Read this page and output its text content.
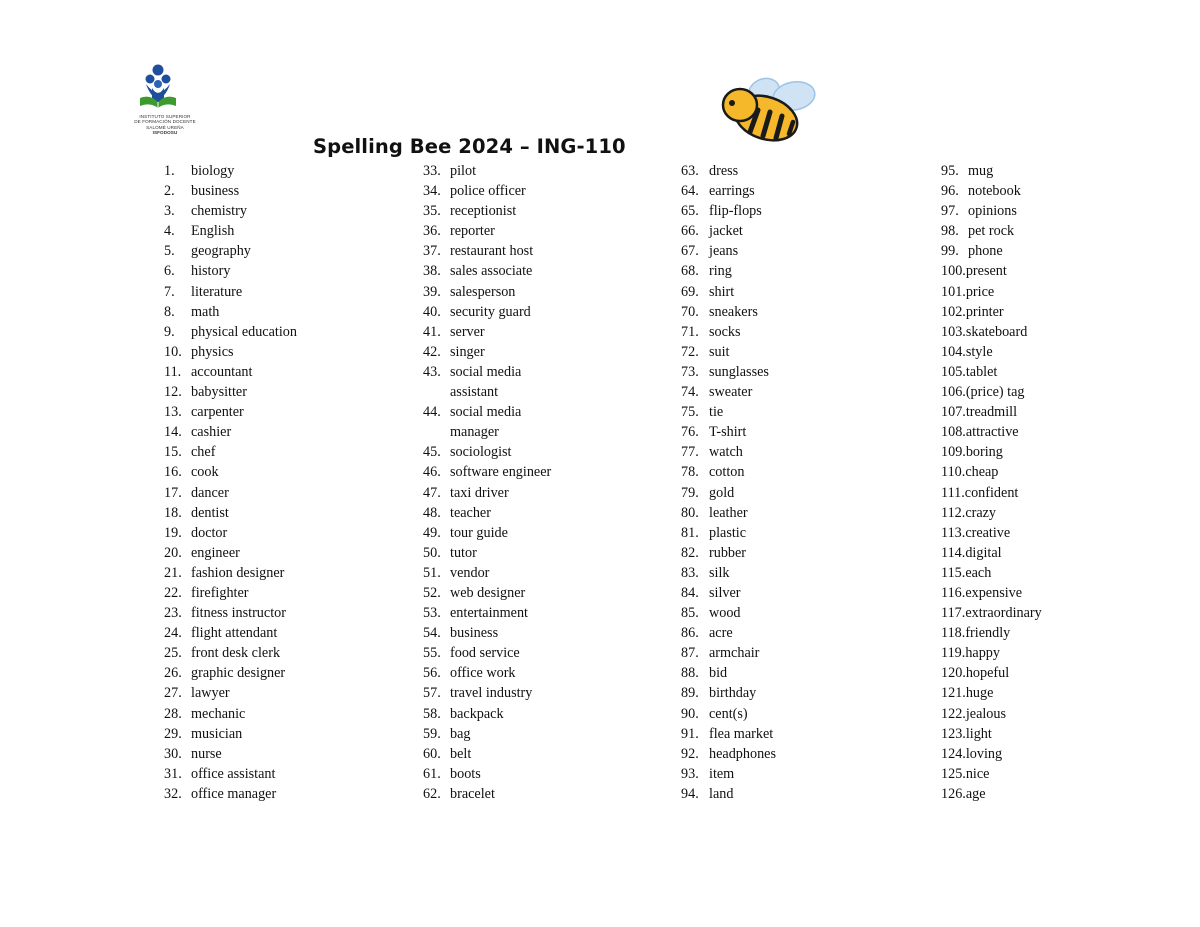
INSTITUTO SUPERIOR
DE FORMACIÓN DOCENTE
SALOMÉ UREÑA
ISFODOSU
Spelling Bee 2024 – ING-110
1.	biology
2.	business
3.	chemistry
4.	English
5.	geography
6.	history
7.	literature
8.	math
9.	physical education
10. physics
11. accountant
12. babysitter
13. carpenter
14. cashier
15. chef
16. cook
17. dancer
18. dentist
19. doctor
20. engineer
21. fashion designer
22. firefighter
23. fitness instructor
24. flight attendant
25. front desk clerk
26. graphic designer
27. lawyer
28. mechanic
29. musician
30. nurse
31. office assistant
32. office manager
33. pilot
34. police officer
35. receptionist
36. reporter
37. restaurant host
38. sales associate
39. salesperson
40. security guard
41. server
42. singer
43. social media
assistant
44. social media
manager
45. sociologist
46. software engineer
47. taxi driver
48. teacher
49. tour guide
50. tutor
51. vendor
52. web designer
53. entertainment
54. business
55. food service
56. office work
57. travel industry
58. backpack
59. bag
60. belt
61. boots
62. bracelet
63. dress
64. earrings
65. flip-flops
66. jacket
67. jeans
68. ring
69. shirt
70. sneakers
71. socks
72. suit
73. sunglasses
74. sweater
75. tie
76. T-shirt
77. watch
78. cotton
79. gold
80. leather
81. plastic
82. rubber
83. silk
84. silver
85. wood
86. acre
87. armchair
88. bid
89. birthday
90. cent(s)
91. flea market
92. headphones
93. item
94. land
95. mug
96. notebook
97. opinions
98. pet rock
99. phone
100. present
101. price
102. printer
103. skateboard
104. style
105. tablet
106. (price) tag
107. treadmill
108. attractive
109. boring
110. cheap
111. confident
112. crazy
113. creative
114. digital
115. each
116. expensive
117. extraordinary
118. friendly
119. happy
120. hopeful
121. huge
122. jealous
123. light
124. loving
125. nice
126. age
